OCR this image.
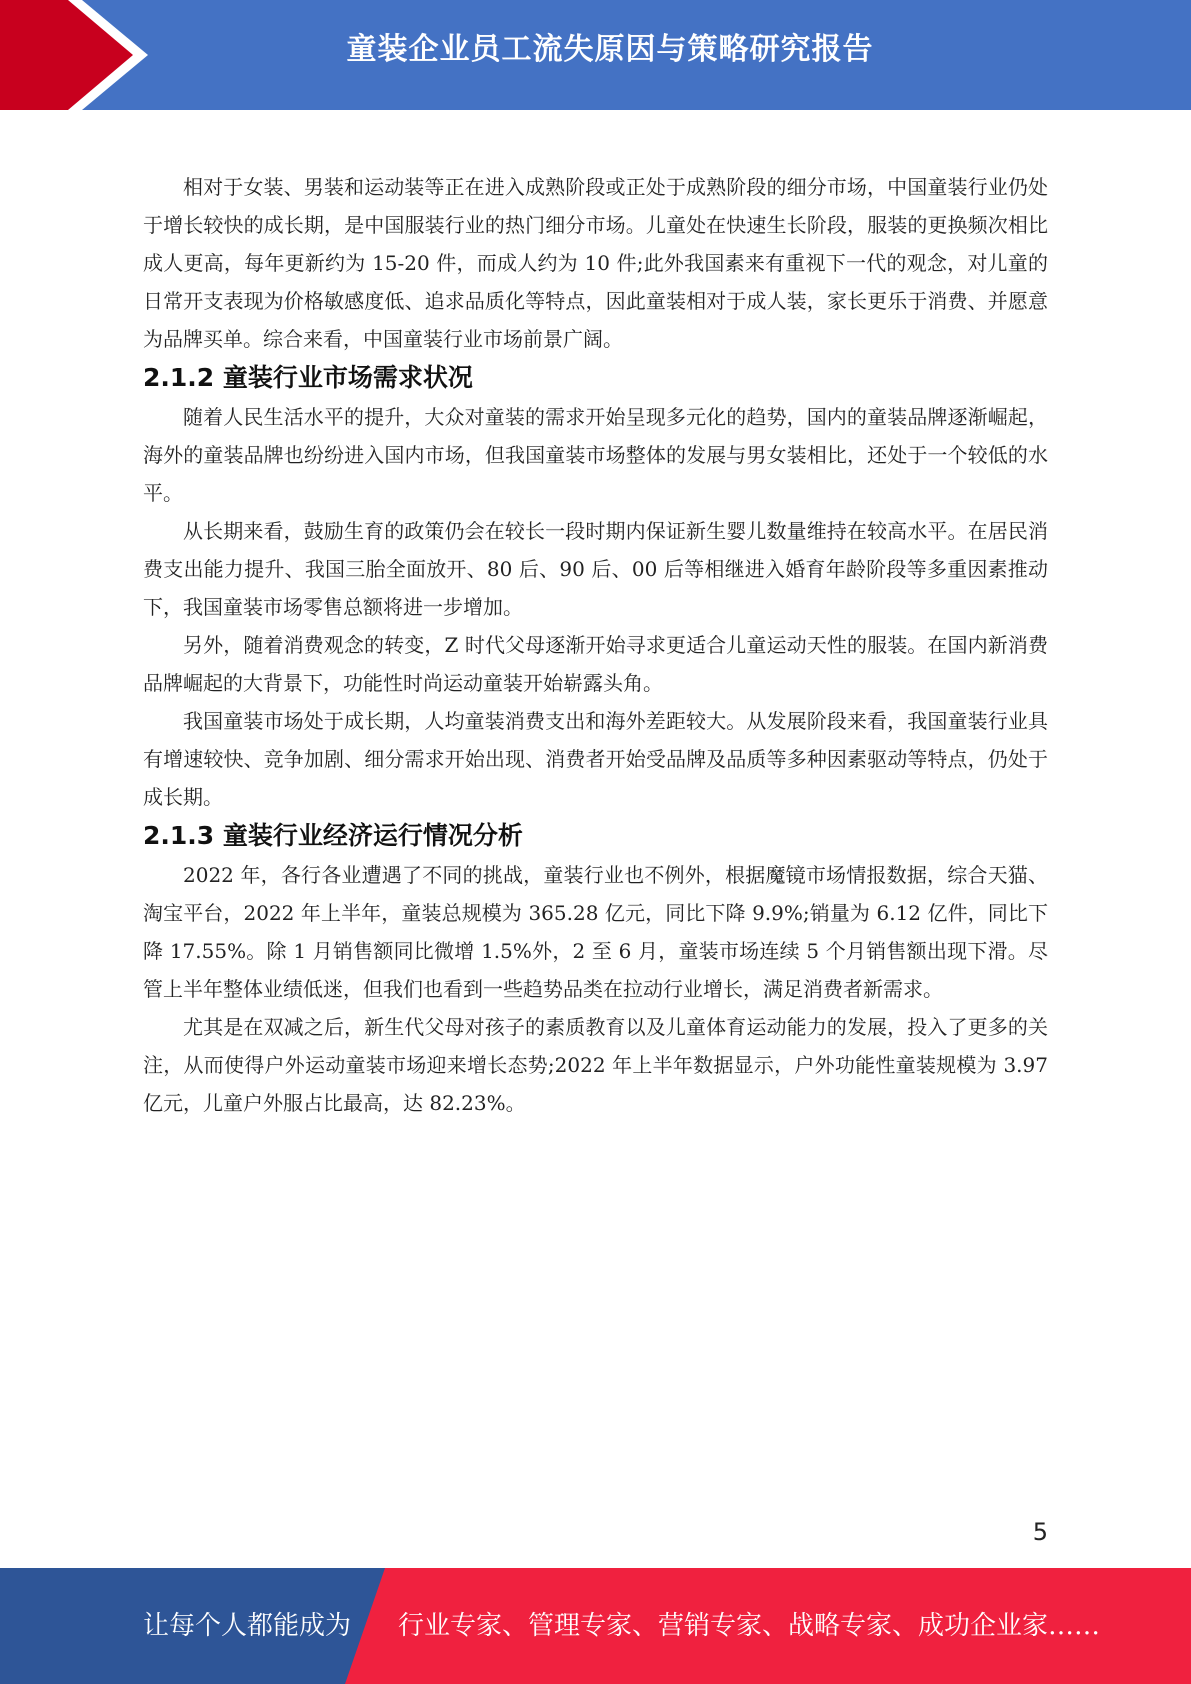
童装企业员工流失原因与策略研究报告

相对于女装、男装和运动装等正在进入成熟阶段或正处于成熟阶段的细分市场，中国童装行业仍处于增长较快的成长期，是中国服装行业的热门细分市场。儿童处在快速生长阶段，服装的更换频次相比成人更高，每年更新约为 15-20 件，而成人约为 10 件;此外我国素来有重视下一代的观念，对儿童的日常开支表现为价格敏感度低、追求品质化等特点，因此童装相对于成人装，家长更乐于消费、并愿意为品牌买单。综合来看，中国童装行业市场前景广阔。

2.1.2 童装行业市场需求状况

随着人民生活水平的提升，大众对童装的需求开始呈现多元化的趋势，国内的童装品牌逐渐崛起，海外的童装品牌也纷纷进入国内市场，但我国童装市场整体的发展与男女装相比，还处于一个较低的水平。

从长期来看，鼓励生育的政策仍会在较长一段时期内保证新生婴儿数量维持在较高水平。在居民消费支出能力提升、我国三胎全面放开、80 后、90 后、00 后等相继进入婚育年龄阶段等多重因素推动下，我国童装市场零售总额将进一步增加。

另外，随着消费观念的转变，Z 时代父母逐渐开始寻求更适合儿童运动天性的服装。在国内新消费品牌崛起的大背景下，功能性时尚运动童装开始崭露头角。

我国童装市场处于成长期，人均童装消费支出和海外差距较大。从发展阶段来看，我国童装行业具有增速较快、竞争加剧、细分需求开始出现、消费者开始受品牌及品质等多种因素驱动等特点，仍处于成长期。

2.1.3 童装行业经济运行情况分析

2022 年，各行各业遭遇了不同的挑战，童装行业也不例外，根据魔镜市场情报数据，综合天猫、淘宝平台，2022 年上半年，童装总规模为 365.28 亿元，同比下降 9.9%;销量为 6.12 亿件，同比下降 17.55%。除 1 月销售额同比微增 1.5%外，2 至 6 月，童装市场连续 5 个月销售额出现下滑。尽管上半年整体业绩低迷，但我们也看到一些趋势品类在拉动行业增长，满足消费者新需求。

尤其是在双减之后，新生代父母对孩子的素质教育以及儿童体育运动能力的发展，投入了更多的关注，从而使得户外运动童装市场迎来增长态势;2022 年上半年数据显示，户外功能性童装规模为 3.97 亿元，儿童户外服占比最高，达 82.23%。

5
让每个人都能成为 行业专家、管理专家、营销专家、战略专家、成功企业家……
